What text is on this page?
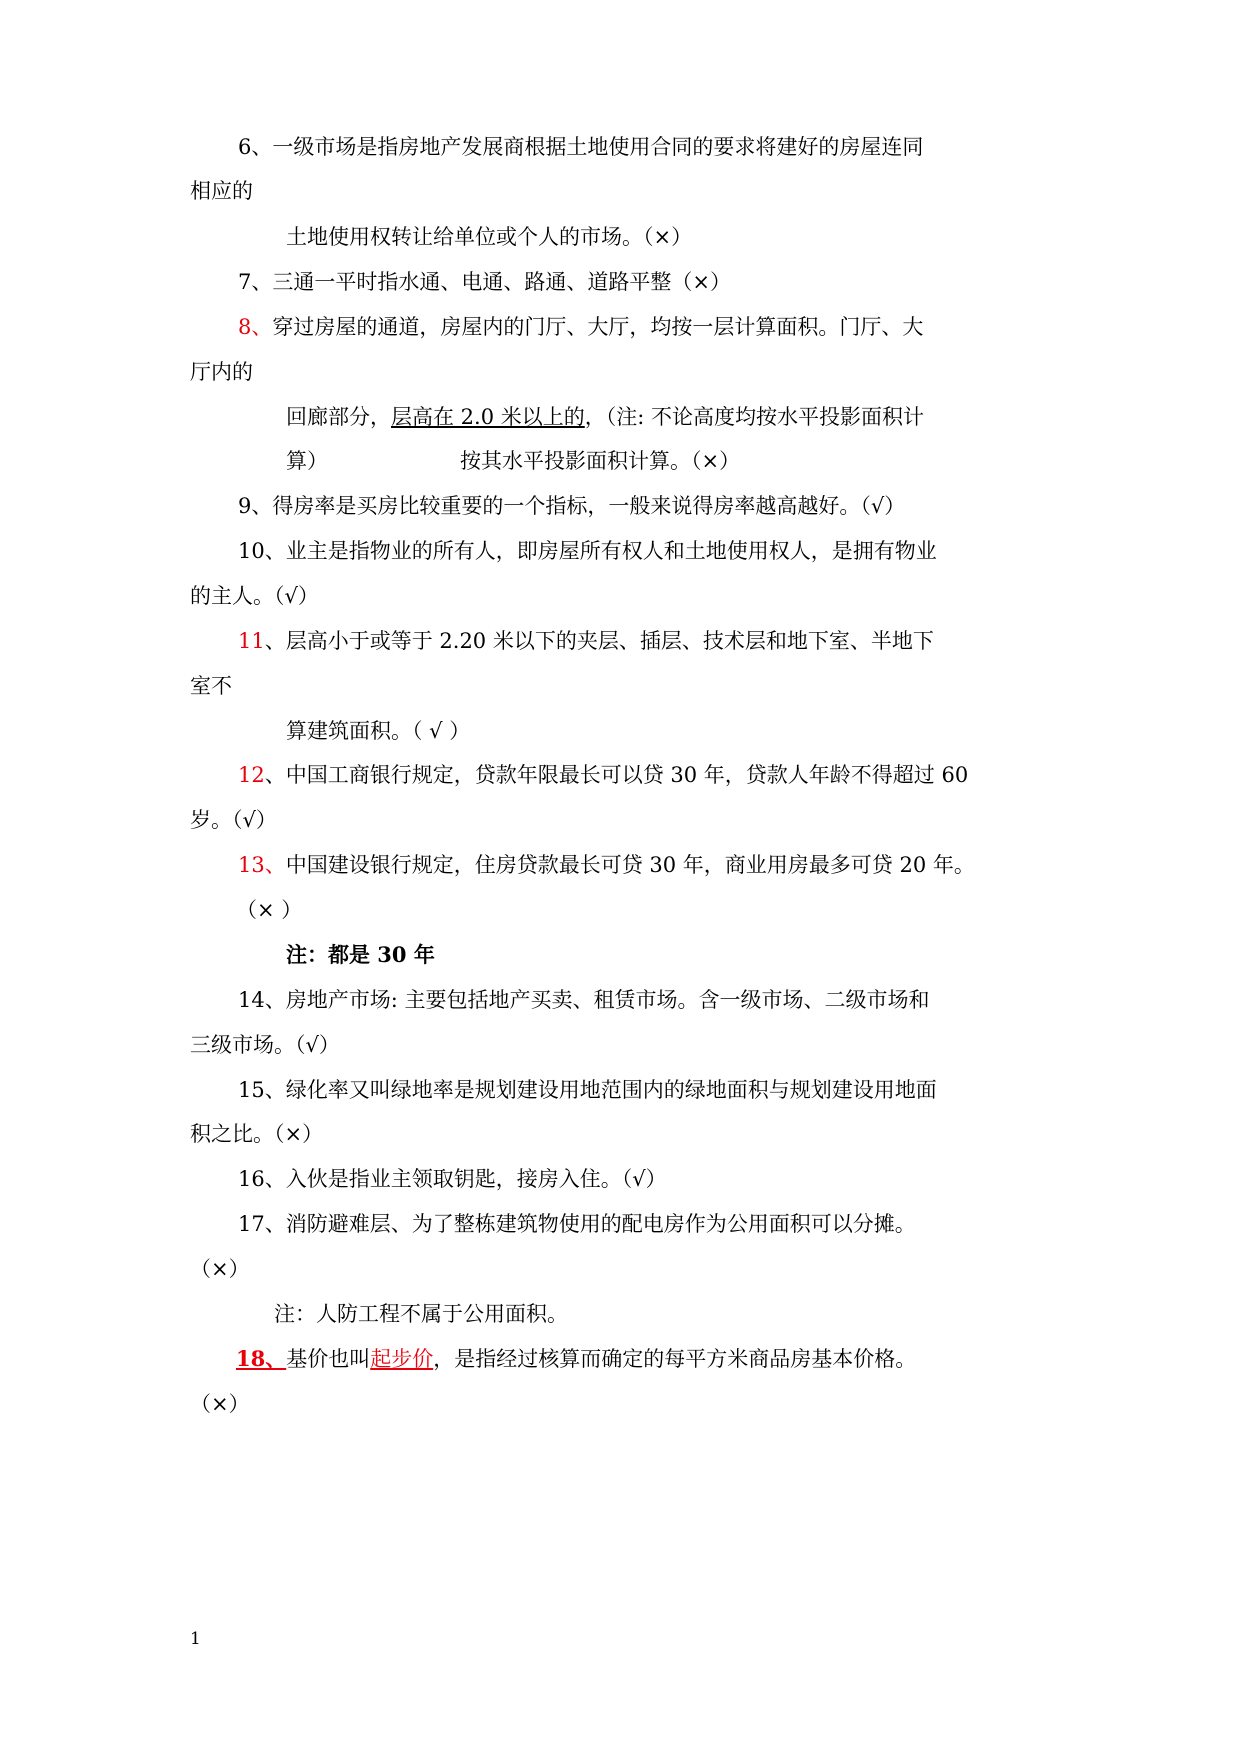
6、一级市场是指房地产发展商根据土地使用合同的要求将建好的房屋连同
相应的
土地使用权转让给单位或个人的市场。（×）
7、三通一平时指水通、电通、路通、道路平整（×）
8、穿过房屋的通道，房屋内的门厅、大厅，均按一层计算面积。门厅、大
厅内的
回廊部分，层高在 2.0 米以上的，（注: 不论高度均按水平投影面积计
算）	按其水平投影面积计算。（×）
9、得房率是买房比较重要的一个指标，一般来说得房率越高越好。（√）
10、业主是指物业的所有人，即房屋所有权人和土地使用权人，是拥有物业
的主人。（√）
11、层高小于或等于 2.20 米以下的夹层、插层、技术层和地下室、半地下
室不
算建筑面积。（ √ ）
12、中国工商银行规定，贷款年限最长可以贷 30 年，贷款人年龄不得超过 60
岁。（√）
13、中国建设银行规定，住房贷款最长可贷 30 年，商业用房最多可贷 20 年。
（× ）
注：都是 30 年
14、房地产市场: 主要包括地产买卖、租赁市场。含一级市场、二级市场和
三级市场。（√）
15、绿化率又叫绿地率是规划建设用地范围内的绿地面积与规划建设用地面
积之比。（×）
16、入伙是指业主领取钥匙，接房入住。（√）
17、消防避难层、为了整栋建筑物使用的配电房作为公用面积可以分摊。
（×）
注：人防工程不属于公用面积。
18、基价也叫起步价，是指经过核算而确定的每平方米商品房基本价格。
（×）
1
